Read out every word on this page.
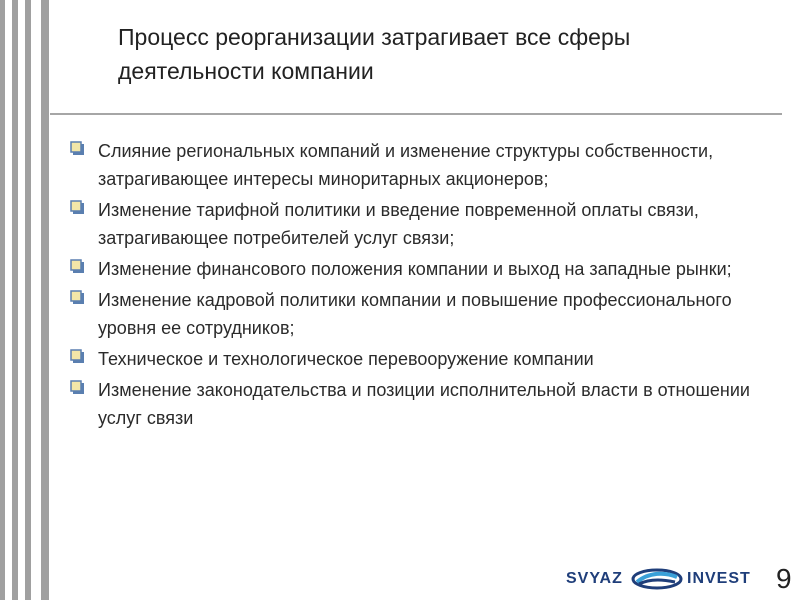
Процесс реорганизации затрагивает все сферы деятельности компании
Слияние региональных компаний и изменение структуры собственности, затрагивающее интересы миноритарных акционеров;
Изменение тарифной политики и введение повременной оплаты связи, затрагивающее потребителей услуг связи;
Изменение финансового положения компании и выход на западные рынки;
Изменение кадровой политики компании и повышение профессионального уровня ее сотрудников;
Техническое и технологическое перевооружение компании
Изменение законодательства и позиции исполнительной власти в отношении услуг связи
SVYAZ	INVEST 9
